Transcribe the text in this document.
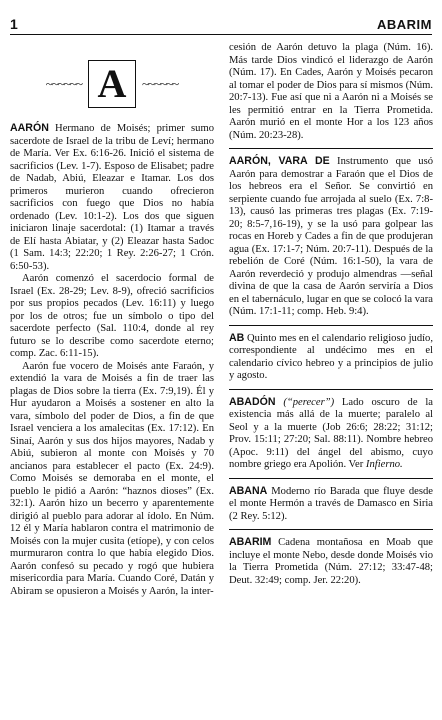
1	ABARIM
~~~~~~ A	~~~~~~

AARÓN Hermano de Moisés; primer sumo sacerdote de Israel de la tribu de Leví; hermano de María. Ver Ex. 6:16-26. Inició el sistema de sacrificios (Lev. 1-7). Esposo de Elisabet; padre de Nadab, Abiú, Eleazar e Itamar. Los dos primeros murieron cuando ofrecieron sacrificios con fuego que Dios no había ordenado (Lev. 10:1-2). Los dos que siguen iniciaron linaje sacerdotal: (1) Itamar a través de Elí hasta Abiatar, y (2) Eleazar hasta Sadoc (1 Sam. 14:3; 22:20; 1 Rey. 2:26-27; 1 Crón. 6:50-53).

Aarón comenzó el sacerdocio formal de Israel (Ex. 28-29; Lev. 8-9), ofreció sacrificios por sus propios pecados (Lev. 16:11) y luego por los de otros; fue un símbolo o tipo del sacerdote perfecto (Sal. 110:4, donde al rey futuro se lo describe como sacerdote eterno; comp. Zac. 6:11-15).

Aarón fue vocero de Moisés ante Faraón, y extendió la vara de Moisés a fin de traer las plagas de Dios sobre la tierra (Ex. 7:9,19). Él y Hur ayudaron a Moisés a sostener en alto la vara, símbolo del poder de Dios, a fin de que Israel venciera a los amalecitas (Ex. 17:12). En Sinaí, Aarón y sus dos hijos mayores, Nadab y Abiú, subieron al monte con Moisés y 70 ancianos para establecer el pacto (Ex. 24:9). Como Moisés se demoraba en el monte, el pueblo le pidió a Aarón: “haznos dioses” (Ex. 32:1). Aarón hizo un becerro y aparentemente dirigió al pueblo para adorar al ídolo. En Núm. 12 él y María hablaron contra el matrimonio de Moisés con la mujer cusita (etíope), y con celos murmuraron contra lo que había elegido Dios. Aarón confesó su pecado y rogó que hubiera misericordia para María. Cuando Coré, Datán y Abiram se opusieron a Moisés y Aarón, la inter-

cesión de Aarón detuvo la plaga (Núm. 16). Más tarde Dios vindicó el liderazgo de Aarón (Núm. 17). En Cades, Aarón y Moisés pecaron al tomar el poder de Dios para sí mismos (Núm. 20:7-13). Fue así que ni a Aarón ni a Moisés se les permitió entrar en la Tierra Prometida. Aarón murió en el monte Hor a los 123 años (Núm. 20:23-28).

AARÓN, VARA DE Instrumento que usó Aarón para demostrar a Faraón que el Dios de los hebreos era el Señor. Se convirtió en serpiente cuando fue arrojada al suelo (Ex. 7:8-13), causó las primeras tres plagas (Ex. 7:19-20; 8:5-7,16-19), y se la usó para golpear las rocas en Horeb y Cades a fin de que produjeran agua (Ex. 17:1-7; Núm. 20:7-11). Después de la rebelión de Coré (Núm. 16:1-50), la vara de Aarón reverdeció y produjo almendras —señal divina de que la casa de Aarón serviría a Dios en el tabernáculo, lugar en que se colocó la vara (Núm. 17:1-11; comp. Heb. 9:4).

AB Quinto mes en el calendario religioso judío, correspondiente al undécimo mes en el calendario cívico hebreo y a principios de julio y agosto.

ABADÓN (“perecer”) Lado oscuro de la existencia más allá de la muerte; paralelo al Seol y a la muerte (Job 26:6; 28:22; 31:12; Prov. 15:11; 27:20; Sal. 88:11). Nombre hebreo (Apoc. 9:11) del ángel del abismo, cuyo nombre griego era Apolión. Ver Infierno.

ABANA Moderno río Barada que fluye desde el monte Hermón a través de Damasco en Siria (2 Rey. 5:12).

ABARIM Cadena montañosa en Moab que incluye el monte Nebo, desde donde Moisés vio la Tierra Prometida (Núm. 27:12; 33:47-48; Deut. 32:49; comp. Jer. 22:20).
